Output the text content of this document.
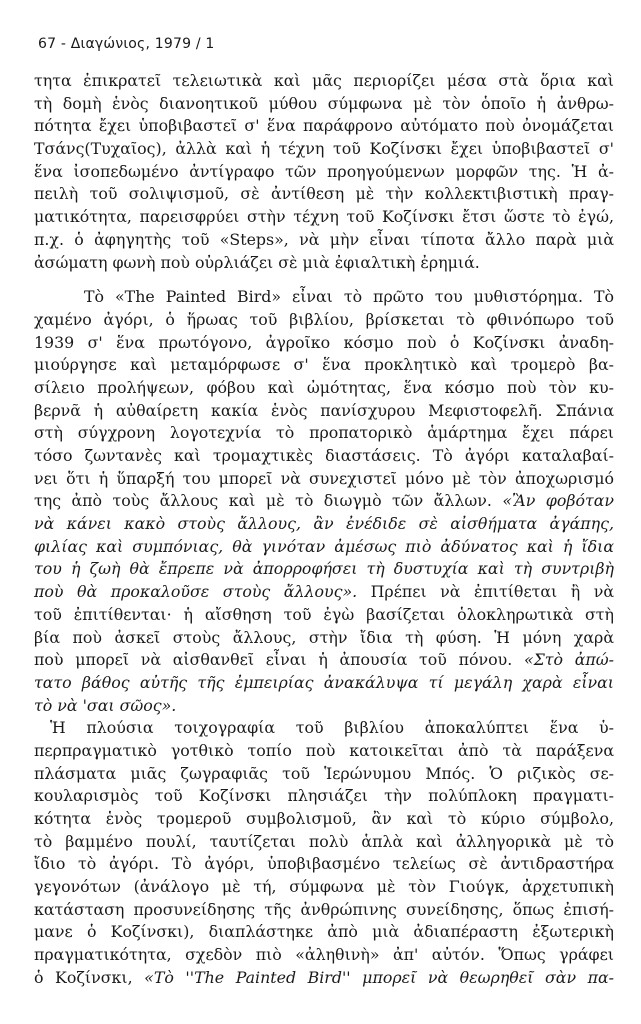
67 - Διαγώνιος, 1979 / 1
τητα ἐπικρατεῖ τελειωτικὰ καὶ μᾶς περιορίζει μέσα στὰ ὅρια καὶ
τὴ δομὴ ἑνὸς διανοητικοῦ μύθου σύμφωνα μὲ τὸν ὁποῖο ἡ ἀνθρω-
πότητα ἔχει ὑποβιβαστεῖ σ' ἕνα παράφρονο αὐτόματο ποὺ ὀνομάζεται
Τσάνς(Τυχαῖος), ἀλλὰ καὶ ἡ τέχνη τοῦ Κοζίνσκι ἔχει ὑποβιβαστεῖ σ'
ἕνα ἰσοπεδωμένο ἀντίγραφο τῶν προηγούμενων μορφῶν της. Ἡ ἀ-
πειλὴ τοῦ σολιψισμοῦ, σὲ ἀντίθεση μὲ τὴν κολλεκτιβιστικὴ πραγ-
ματικότητα, παρεισφρύει στὴν τέχνη τοῦ Κοζίνσκι ἔτσι ὥστε τὸ ἐγώ,
π.χ. ὁ ἀφηγητὴς τοῦ «Steps», νὰ μὴν εἶναι τίποτα ἄλλο παρὰ μιὰ
ἀσώματη φωνὴ ποὺ οὐρλιάζει σὲ μιὰ ἐφιαλτικὴ ἐρημιά.
Τὸ «The Painted Bird» εἶναι τὸ πρῶτο του μυθιστόρημα. Τὸ
χαμένο ἀγόρι, ὁ ἥρωας τοῦ βιβλίου, βρίσκεται τὸ φθινόπωρο τοῦ
1939 σ' ἕνα πρωτόγονο, ἀγροῖκο κόσμο ποὺ ὁ Κοζίνσκι ἀναδη-
μιούργησε καὶ μεταμόρφωσε σ' ἕνα προκλητικὸ καὶ τρομερὸ βα-
σίλειο προλήψεων, φόβου καὶ ὠμότητας, ἕνα κόσμο ποὺ τὸν κυ-
βερνᾶ ἡ αὐθαίρετη κακία ἑνὸς πανίσχυρου Μεφιστοφελῆ. Σπάνια
στὴ σύγχρονη λογοτεχνία τὸ προπατορικὸ ἁμάρτημα ἔχει πάρει
τόσο ζωντανὲς καὶ τρομαχτικὲς διαστάσεις. Τὸ ἀγόρι καταλαβαί-
νει ὅτι ἡ ὕπαρξή του μπορεῖ νὰ συνεχιστεῖ μόνο μὲ τὸν ἀποχωρισμό
της ἀπὸ τοὺς ἄλλους καὶ μὲ τὸ διωγμὸ τῶν ἄλλων. «Ἂν φοβόταν
νὰ κάνει κακὸ στοὺς ἄλλους, ἂν ἐνέδιδε σὲ αἰσθήματα ἀγάπης,
φιλίας καὶ συμπόνιας, θὰ γινόταν ἀμέσως πιὸ ἀδύνατος καὶ ἡ ἴδια
του ἡ ζωὴ θὰ ἔπρεπε νὰ ἀπορροφήσει τὴ δυστυχία καὶ τὴ συντριβὴ
ποὺ θὰ προκαλοῦσε στοὺς ἄλλους». Πρέπει νὰ ἐπιτίθεται ἢ νὰ
τοῦ ἐπιτίθενται· ἡ αἴσθηση τοῦ ἐγὼ βασίζεται ὁλοκληρωτικὰ στὴ
βία ποὺ ἀσκεῖ στοὺς ἄλλους, στὴν ἴδια τὴ φύση. Ἡ μόνη χαρὰ
ποὺ μπορεῖ νὰ αἰσθανθεῖ εἶναι ἡ ἀπουσία τοῦ πόνου. «Στὸ ἀπώ-
τατο βάθος αὐτῆς τῆς ἐμπειρίας ἀνακάλυψα τί μεγάλη χαρὰ εἶναι
τὸ νὰ 'σαι σῶος».
Ἡ πλούσια τοιχογραφία τοῦ βιβλίου ἀποκαλύπτει ἕνα ὑ-
περπραγματικὸ γοτθικὸ τοπίο ποὺ κατοικεῖται ἀπὸ τὰ παράξενα
πλάσματα μιᾶς ζωγραφιᾶς τοῦ Ἱερώνυμου Μπός. Ὁ ριζικὸς σε-
κουλαρισμὸς τοῦ Κοζίνσκι πλησιάζει τὴν πολύπλοκη πραγματι-
κότητα ἑνὸς τρομεροῦ συμβολισμοῦ, ἂν καὶ τὸ κύριο σύμβολο,
τὸ βαμμένο πουλί, ταυτίζεται πολὺ ἁπλὰ καὶ ἀλληγορικὰ μὲ τὸ
ἴδιο τὸ ἀγόρι. Τὸ ἀγόρι, ὑποβιβασμένο τελείως σὲ ἀντιδραστήρα
γεγονότων (ἀνάλογο μὲ τή, σύμφωνα μὲ τὸν Γιούγκ, ἀρχετυπικὴ
κατάσταση προσυνείδησης τῆς ἀνθρώπινης συνείδησης, ὅπως ἐπισή-
μανε ὁ Κοζίνσκι), διαπλάστηκε ἀπὸ μιὰ ἀδιαπέραστη ἐξωτερικὴ
πραγματικότητα, σχεδὸν πιὸ «ἀληθινὴ» ἀπ' αὐτόν. Ὅπως γράφει
ὁ Κοζίνσκι, «Τὸ ''The Painted Bird'' μπορεῖ νὰ θεωρηθεῖ σὰν πα-
